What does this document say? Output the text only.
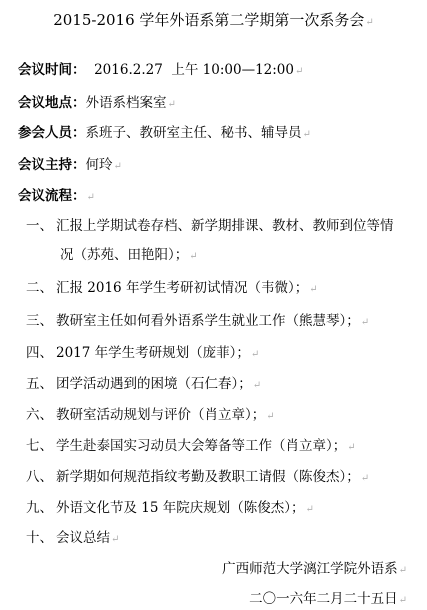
2015-2016 学年外语系第二学期第一次系务会↵
会议时间：  2016.2.27  上午 10:00—12:00↵
会议地点：外语系档案室↵
参会人员：系班子、教研室主任、秘书、辅导员↵
会议主持：何玲↵
会议流程：↵
一、 汇报上学期试卷存档、新学期排课、教材、教师到位等情
况（苏苑、田艳阳）；↵
二、 汇报 2016 年学生考研初试情况（韦微）；↵
三、 教研室主任如何看外语系学生就业工作（熊慧琴）；↵
四、 2017 年学生考研规划（庞菲）；↵
五、 团学活动遇到的困境（石仁春）；↵
六、 教研室活动规划与评价（肖立章）；↵
七、 学生赴泰国实习动员大会筹备等工作（肖立章）；↵
八、 新学期如何规范指纹考勤及教职工请假（陈俊杰）；↵
九、 外语文化节及 15 年院庆规划（陈俊杰）；↵
十、 会议总结↵
广西师范大学漓江学院外语系↵
二〇一六年二月二十五日↵
